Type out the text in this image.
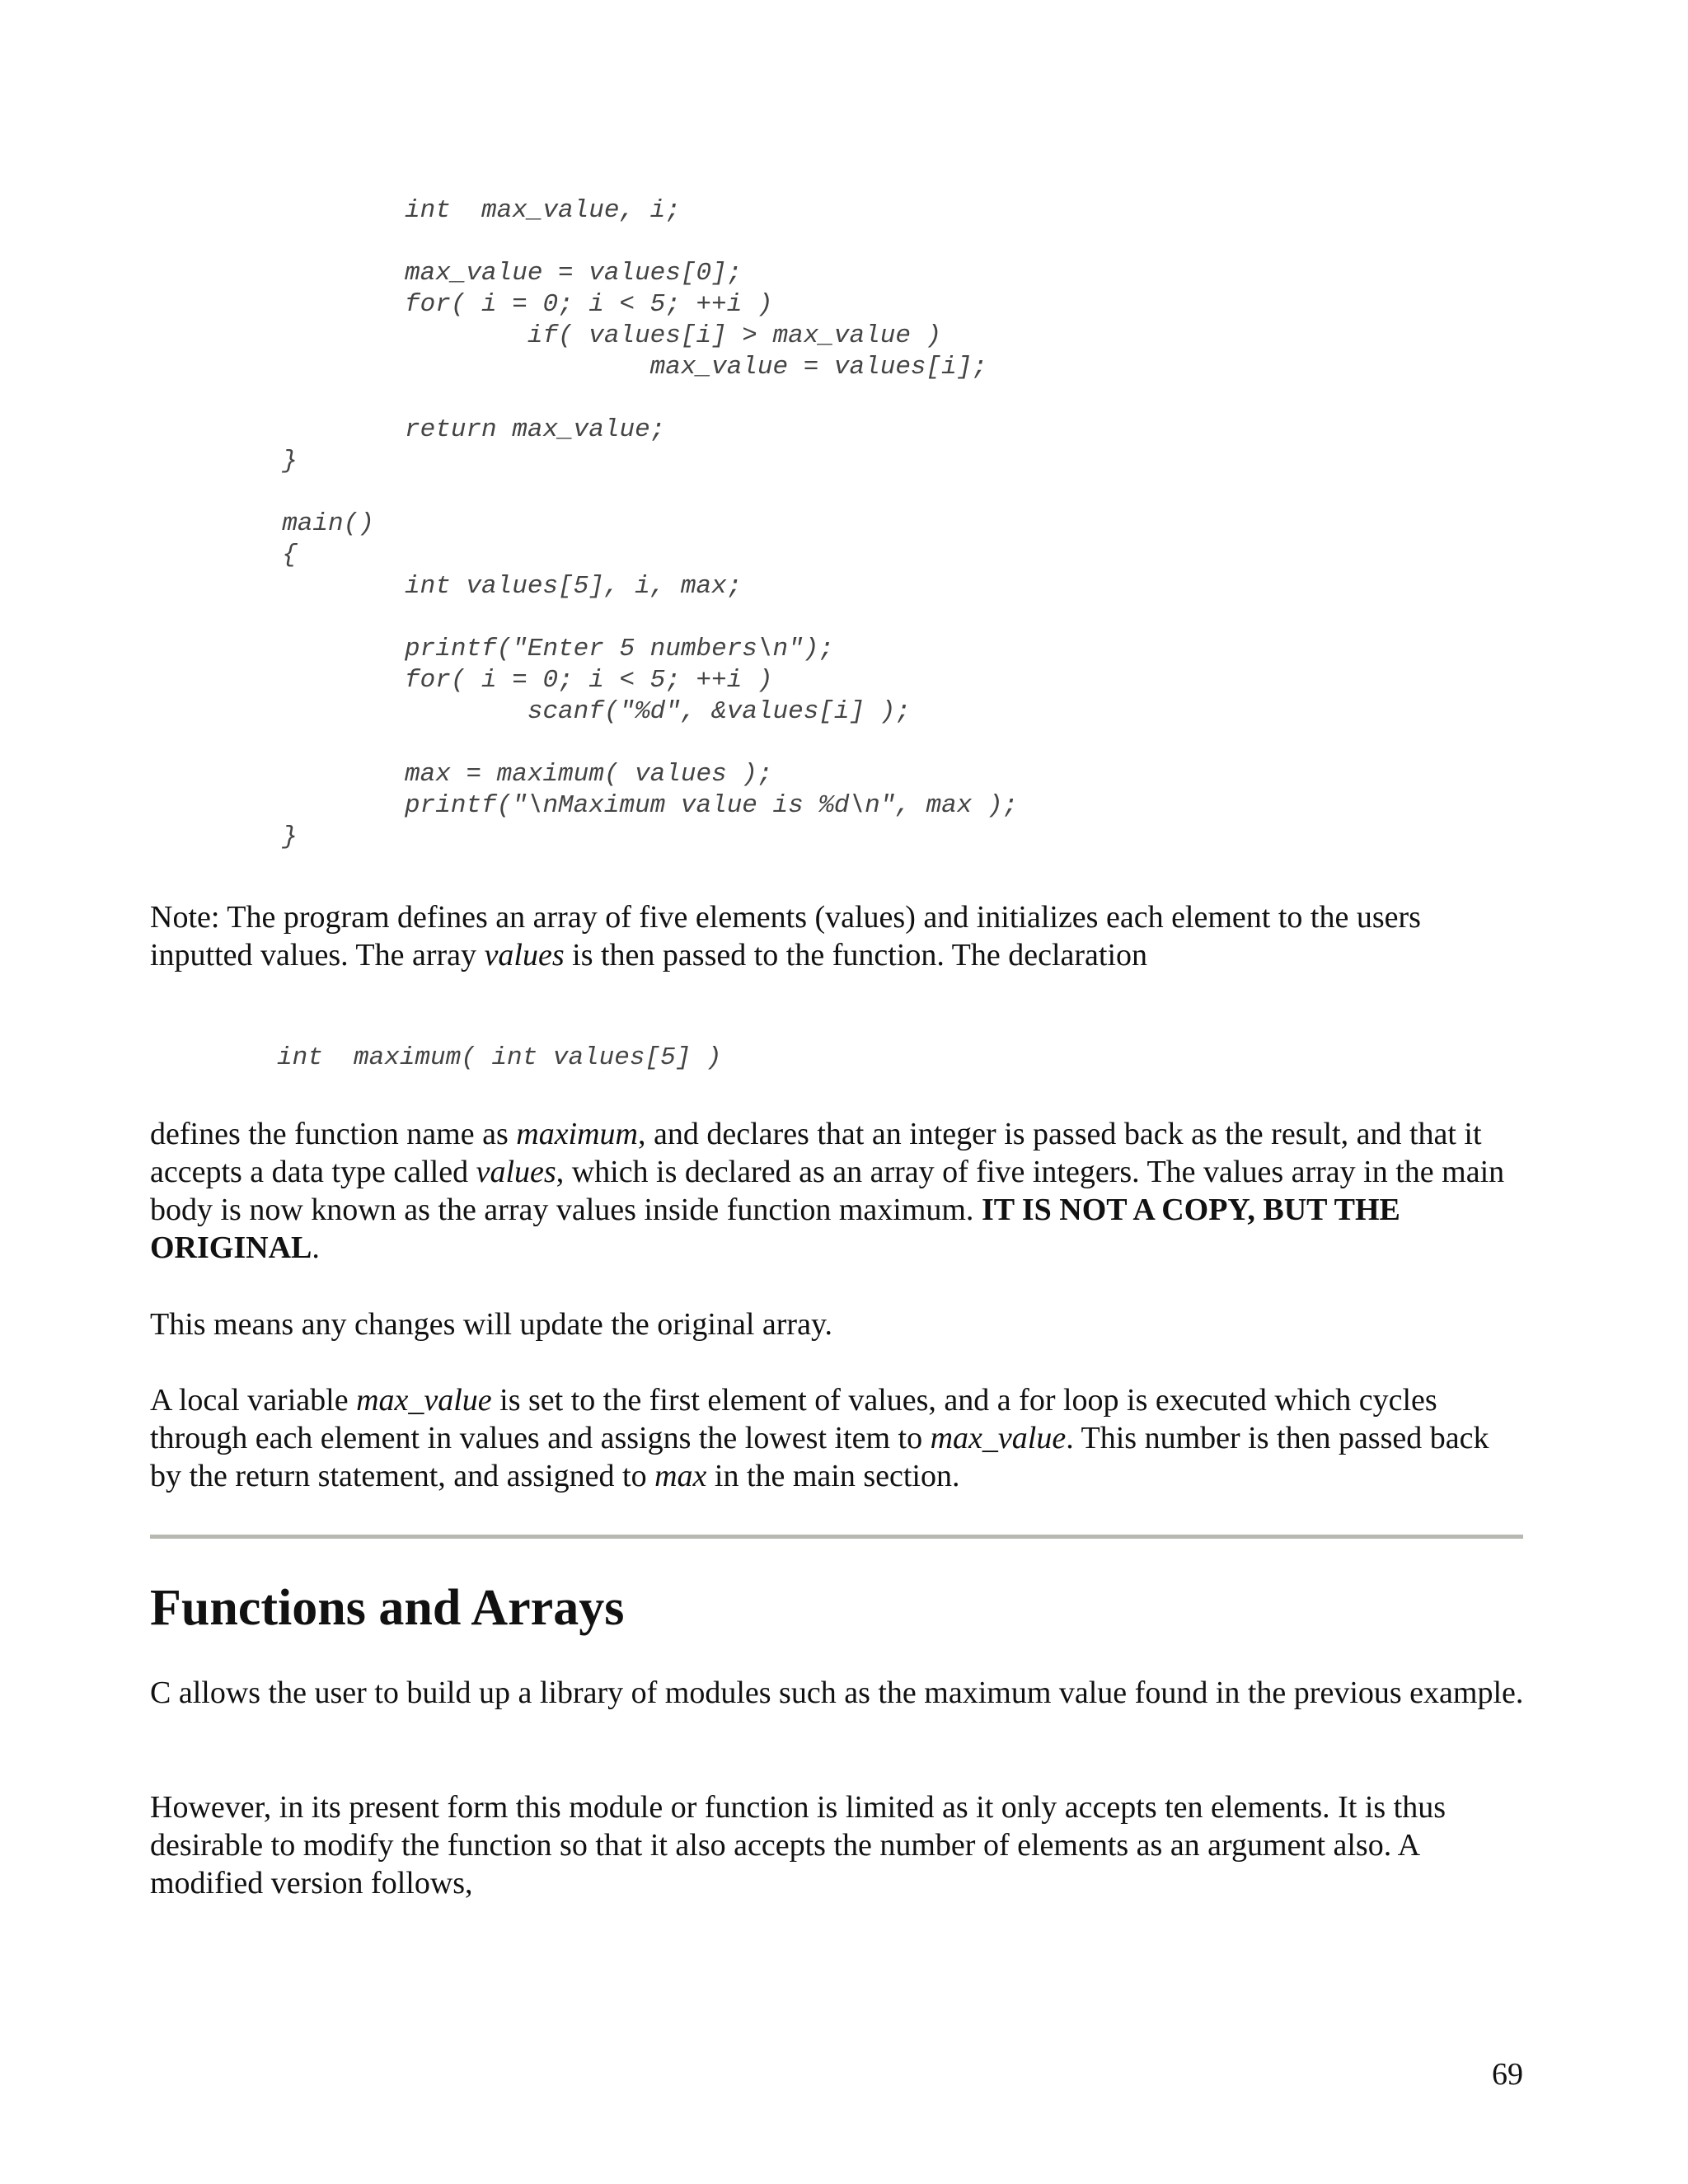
int  max_value, i;
max_value = values[0];
for( i = 0; i < 5; ++i )
if( values[i] > max_value )
max_value = values[i];
return max_value;
}
main()
{
int values[5], i, max;
printf("Enter 5 numbers\n");
for( i = 0; i < 5; ++i )
scanf("%d", &values[i] );
max = maximum( values );
printf("\nMaximum value is %d\n", max );
}

Note: The program defines an array of five elements (values) and initializes each element to the users inputted values. The array values is then passed to the function. The declaration

int  maximum( int values[5] )

defines the function name as maximum, and declares that an integer is passed back as the result, and that it accepts a data type called values, which is declared as an array of five integers. The values array in the main body is now known as the array values inside function maximum. IT IS NOT A COPY, BUT THE ORIGINAL.

This means any changes will update the original array.

A local variable max_value is set to the first element of values, and a for loop is executed which cycles through each element in values and assigns the lowest item to max_value. This number is then passed back by the return statement, and assigned to max in the main section.

Functions and Arrays

C allows the user to build up a library of modules such as the maximum value found in the previous example.

However, in its present form this module or function is limited as it only accepts ten elements. It is thus desirable to modify the function so that it also accepts the number of elements as an argument also. A modified version follows,

69
